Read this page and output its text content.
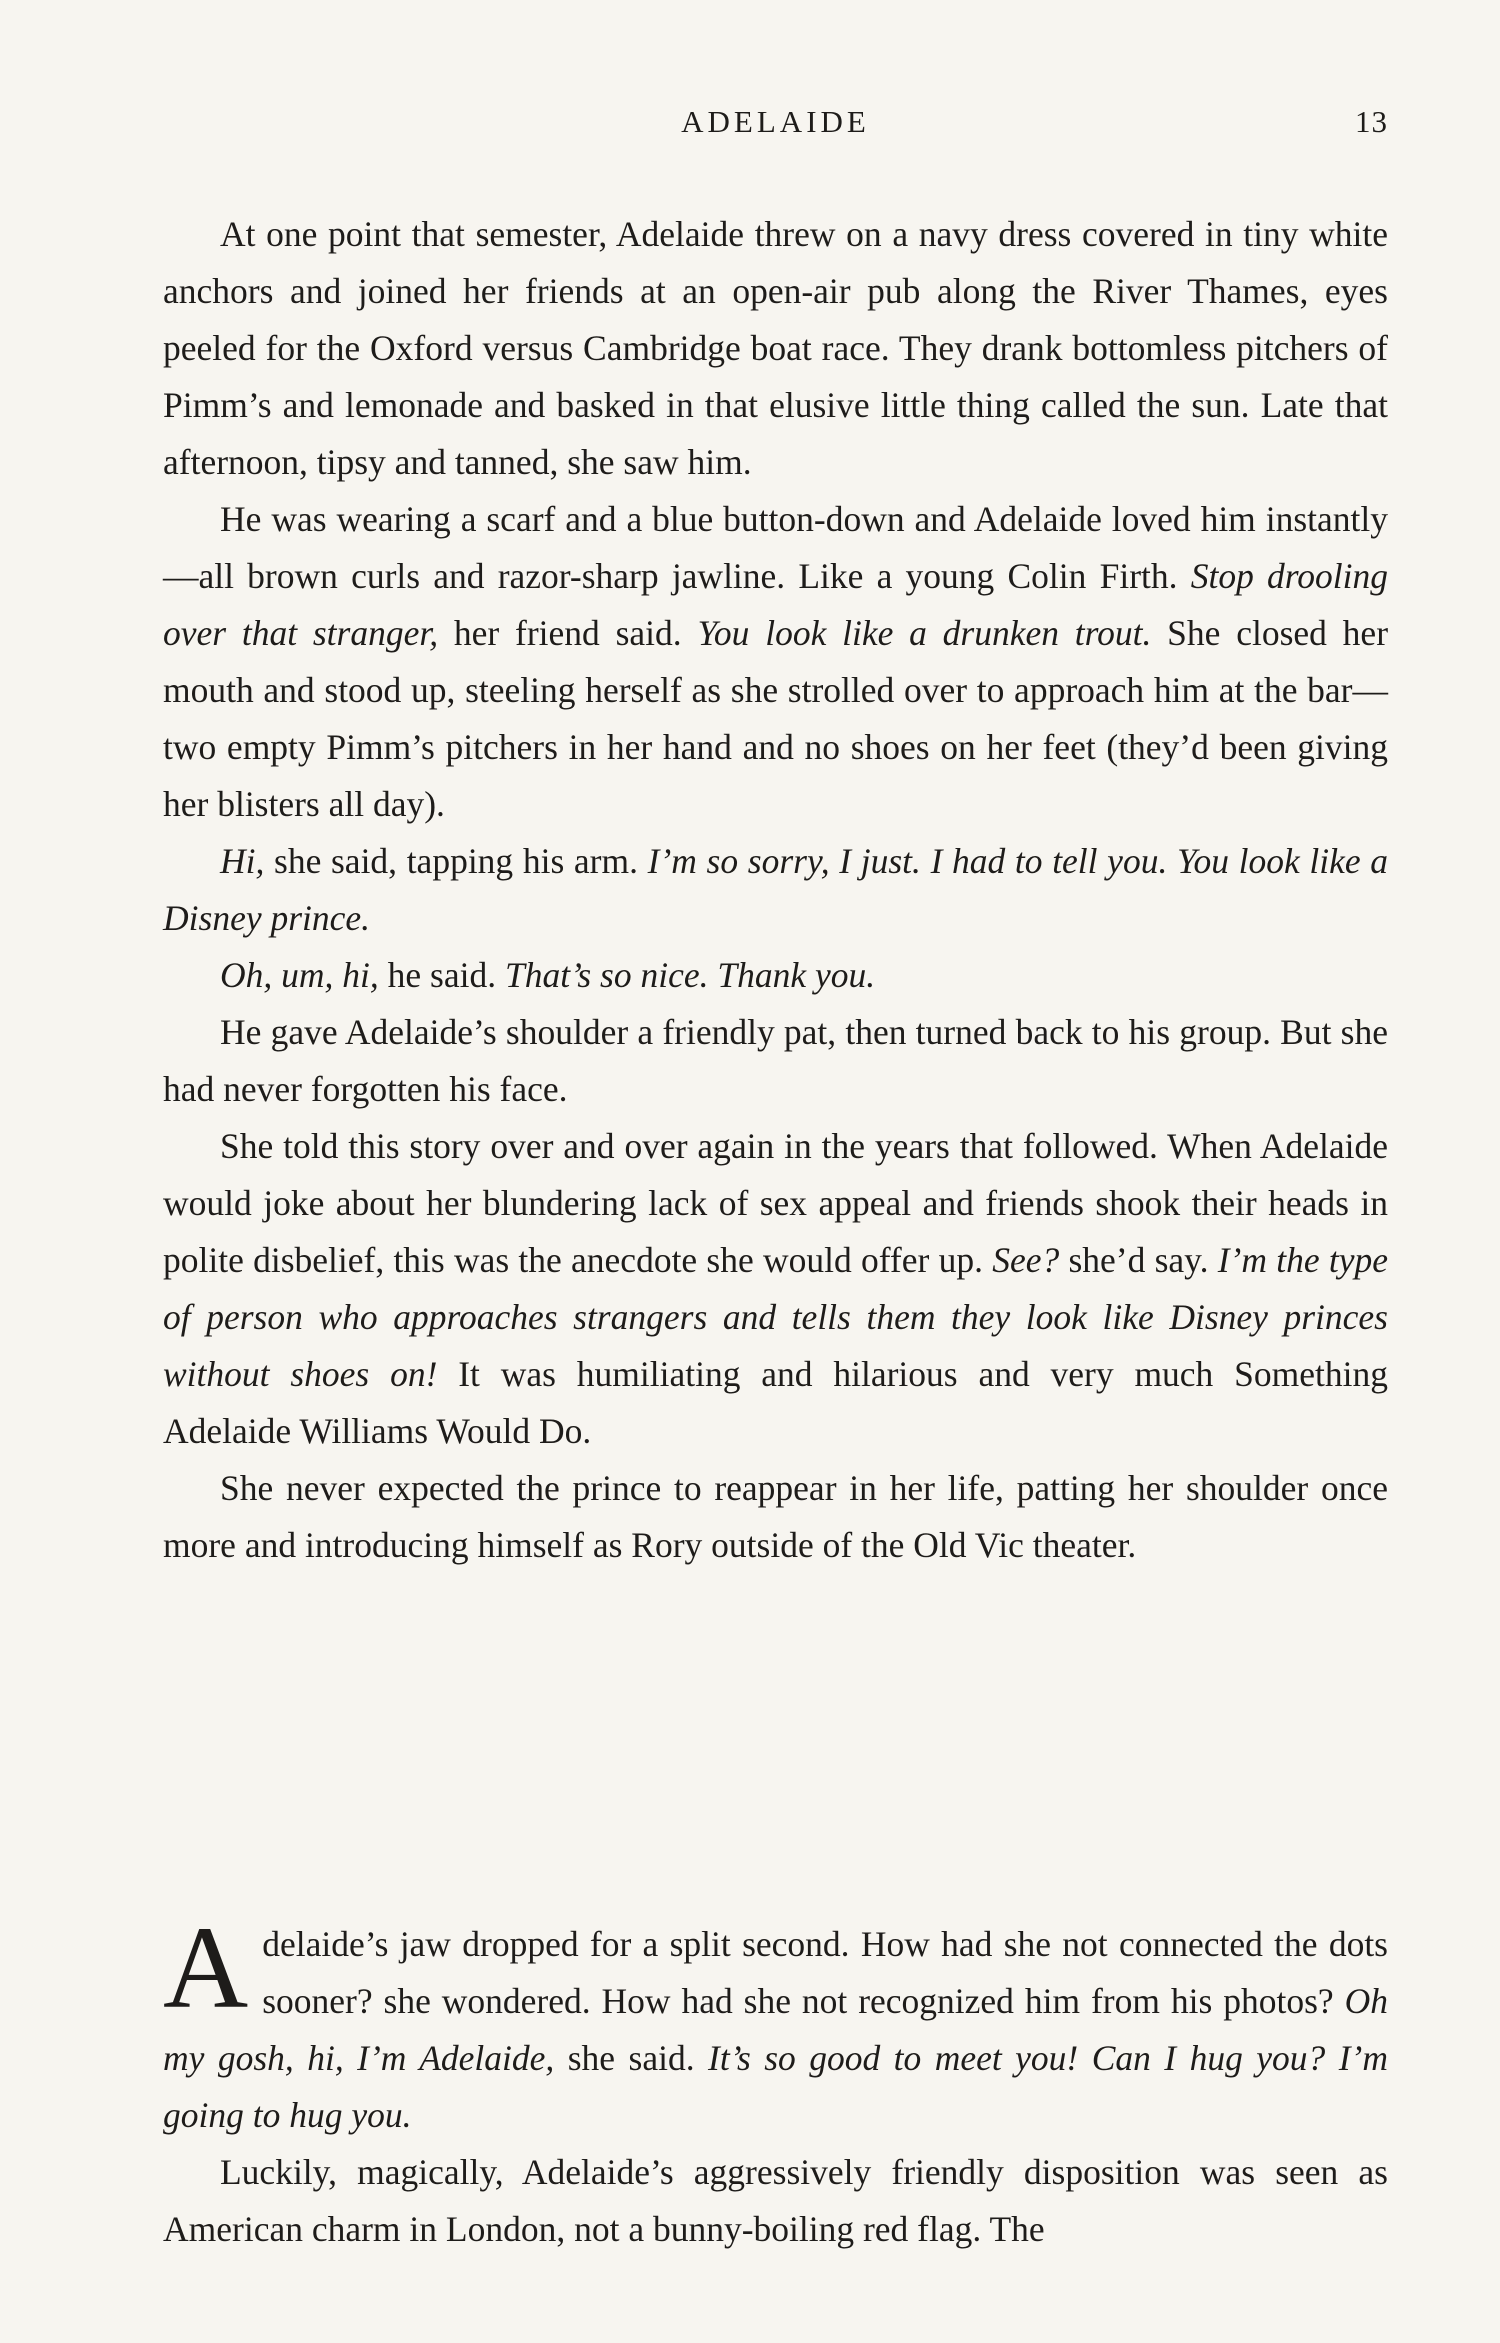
ADELAIDE	13

At one point that semester, Adelaide threw on a navy dress covered in tiny white anchors and joined her friends at an open-air pub along the River Thames, eyes peeled for the Oxford versus Cambridge boat race. They drank bottomless pitchers of Pimm’s and lemonade and basked in that elusive little thing called the sun. Late that afternoon, tipsy and tanned, she saw him.

He was wearing a scarf and a blue button-down and Adelaide loved him instantly—all brown curls and razor-sharp jawline. Like a young Colin Firth. Stop drooling over that stranger, her friend said. You look like a drunken trout. She closed her mouth and stood up, steeling herself as she strolled over to approach him at the bar—two empty Pimm’s pitchers in her hand and no shoes on her feet (they’d been giving her blisters all day).

Hi, she said, tapping his arm. I’m so sorry, I just. I had to tell you. You look like a Disney prince.

Oh, um, hi, he said. That’s so nice. Thank you.

He gave Adelaide’s shoulder a friendly pat, then turned back to his group. But she had never forgotten his face.

She told this story over and over again in the years that followed. When Adelaide would joke about her blundering lack of sex appeal and friends shook their heads in polite disbelief, this was the anecdote she would offer up. See? she’d say. I’m the type of person who approaches strangers and tells them they look like Disney princes without shoes on! It was humiliating and hilarious and very much Something Adelaide Williams Would Do.

She never expected the prince to reappear in her life, patting her shoulder once more and introducing himself as Rory outside of the Old Vic theater.

Adelaide’s jaw dropped for a split second. How had she not connected the dots sooner? she wondered. How had she not recognized him from his photos? Oh my gosh, hi, I’m Adelaide, she said. It’s so good to meet you! Can I hug you? I’m going to hug you.

Luckily, magically, Adelaide’s aggressively friendly disposition was seen as American charm in London, not a bunny-boiling red flag. The
